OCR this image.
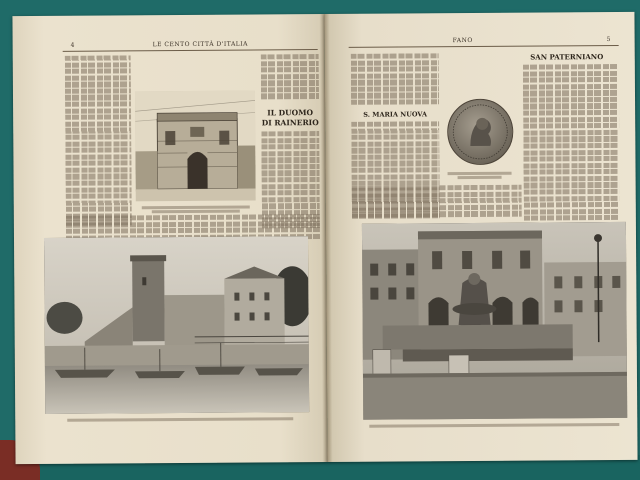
4	LE CENTO CITTÀ D'ITALIA
IL DUOMO
DI RAINERIO
FANO	5
S. MARIA NUOVA
SAN PATERNIANO
